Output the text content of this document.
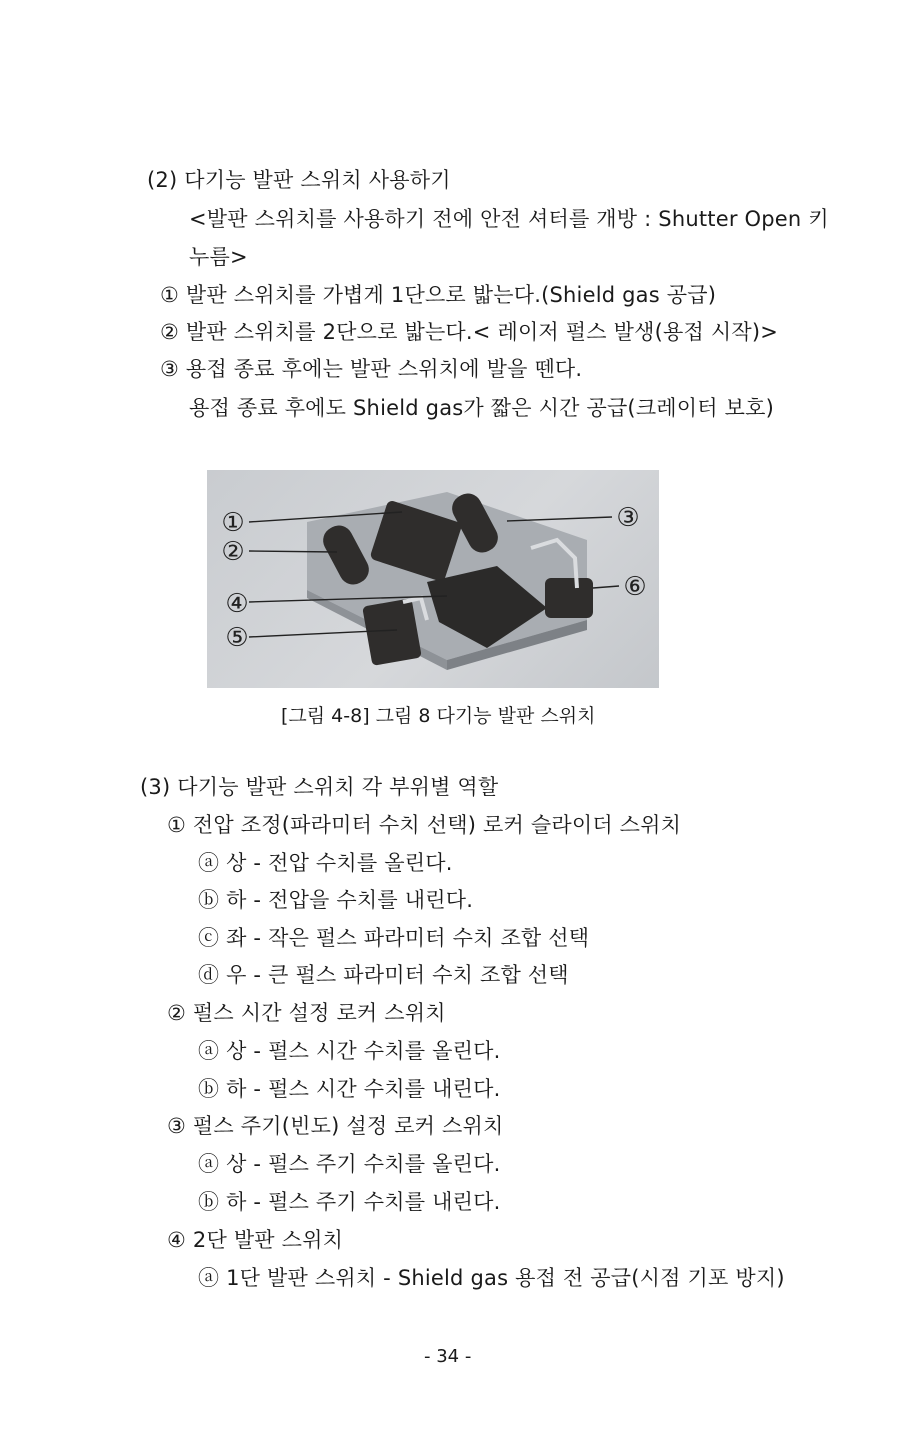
(2) 다기능 발판 스위치 사용하기
<발판 스위치를 사용하기 전에 안전 셔터를 개방 : Shutter Open 키
누름>
① 발판 스위치를 가볍게 1단으로 밟는다.(Shield gas 공급)
② 발판 스위치를 2단으로 밟는다.< 레이저 펄스 발생(용접 시작)>
③ 용접 종료 후에는 발판 스위치에 발을 뗀다.
용접 종료 후에도 Shield gas가 짧은 시간 공급(크레이터 보호)
①
②
③
④
⑤
⑥
[그림 4-8] 그림 8 다기능 발판 스위치
(3) 다기능 발판 스위치 각 부위별 역할
① 전압 조정(파라미터 수치 선택) 로커 슬라이더 스위치
ⓐ 상 - 전압 수치를 올린다.
ⓑ 하 - 전압을 수치를 내린다.
ⓒ 좌 - 작은 펄스 파라미터 수치 조합 선택
ⓓ 우 - 큰 펄스 파라미터 수치 조합 선택
② 펄스 시간 설정 로커 스위치
ⓐ 상 - 펄스 시간 수치를 올린다.
ⓑ 하 - 펄스 시간 수치를 내린다.
③ 펄스 주기(빈도) 설정 로커 스위치
ⓐ 상 - 펄스 주기 수치를 올린다.
ⓑ 하 - 펄스 주기 수치를 내린다.
④ 2단 발판 스위치
ⓐ 1단 발판 스위치 - Shield gas 용접 전 공급(시점 기포 방지)
- 34 -
